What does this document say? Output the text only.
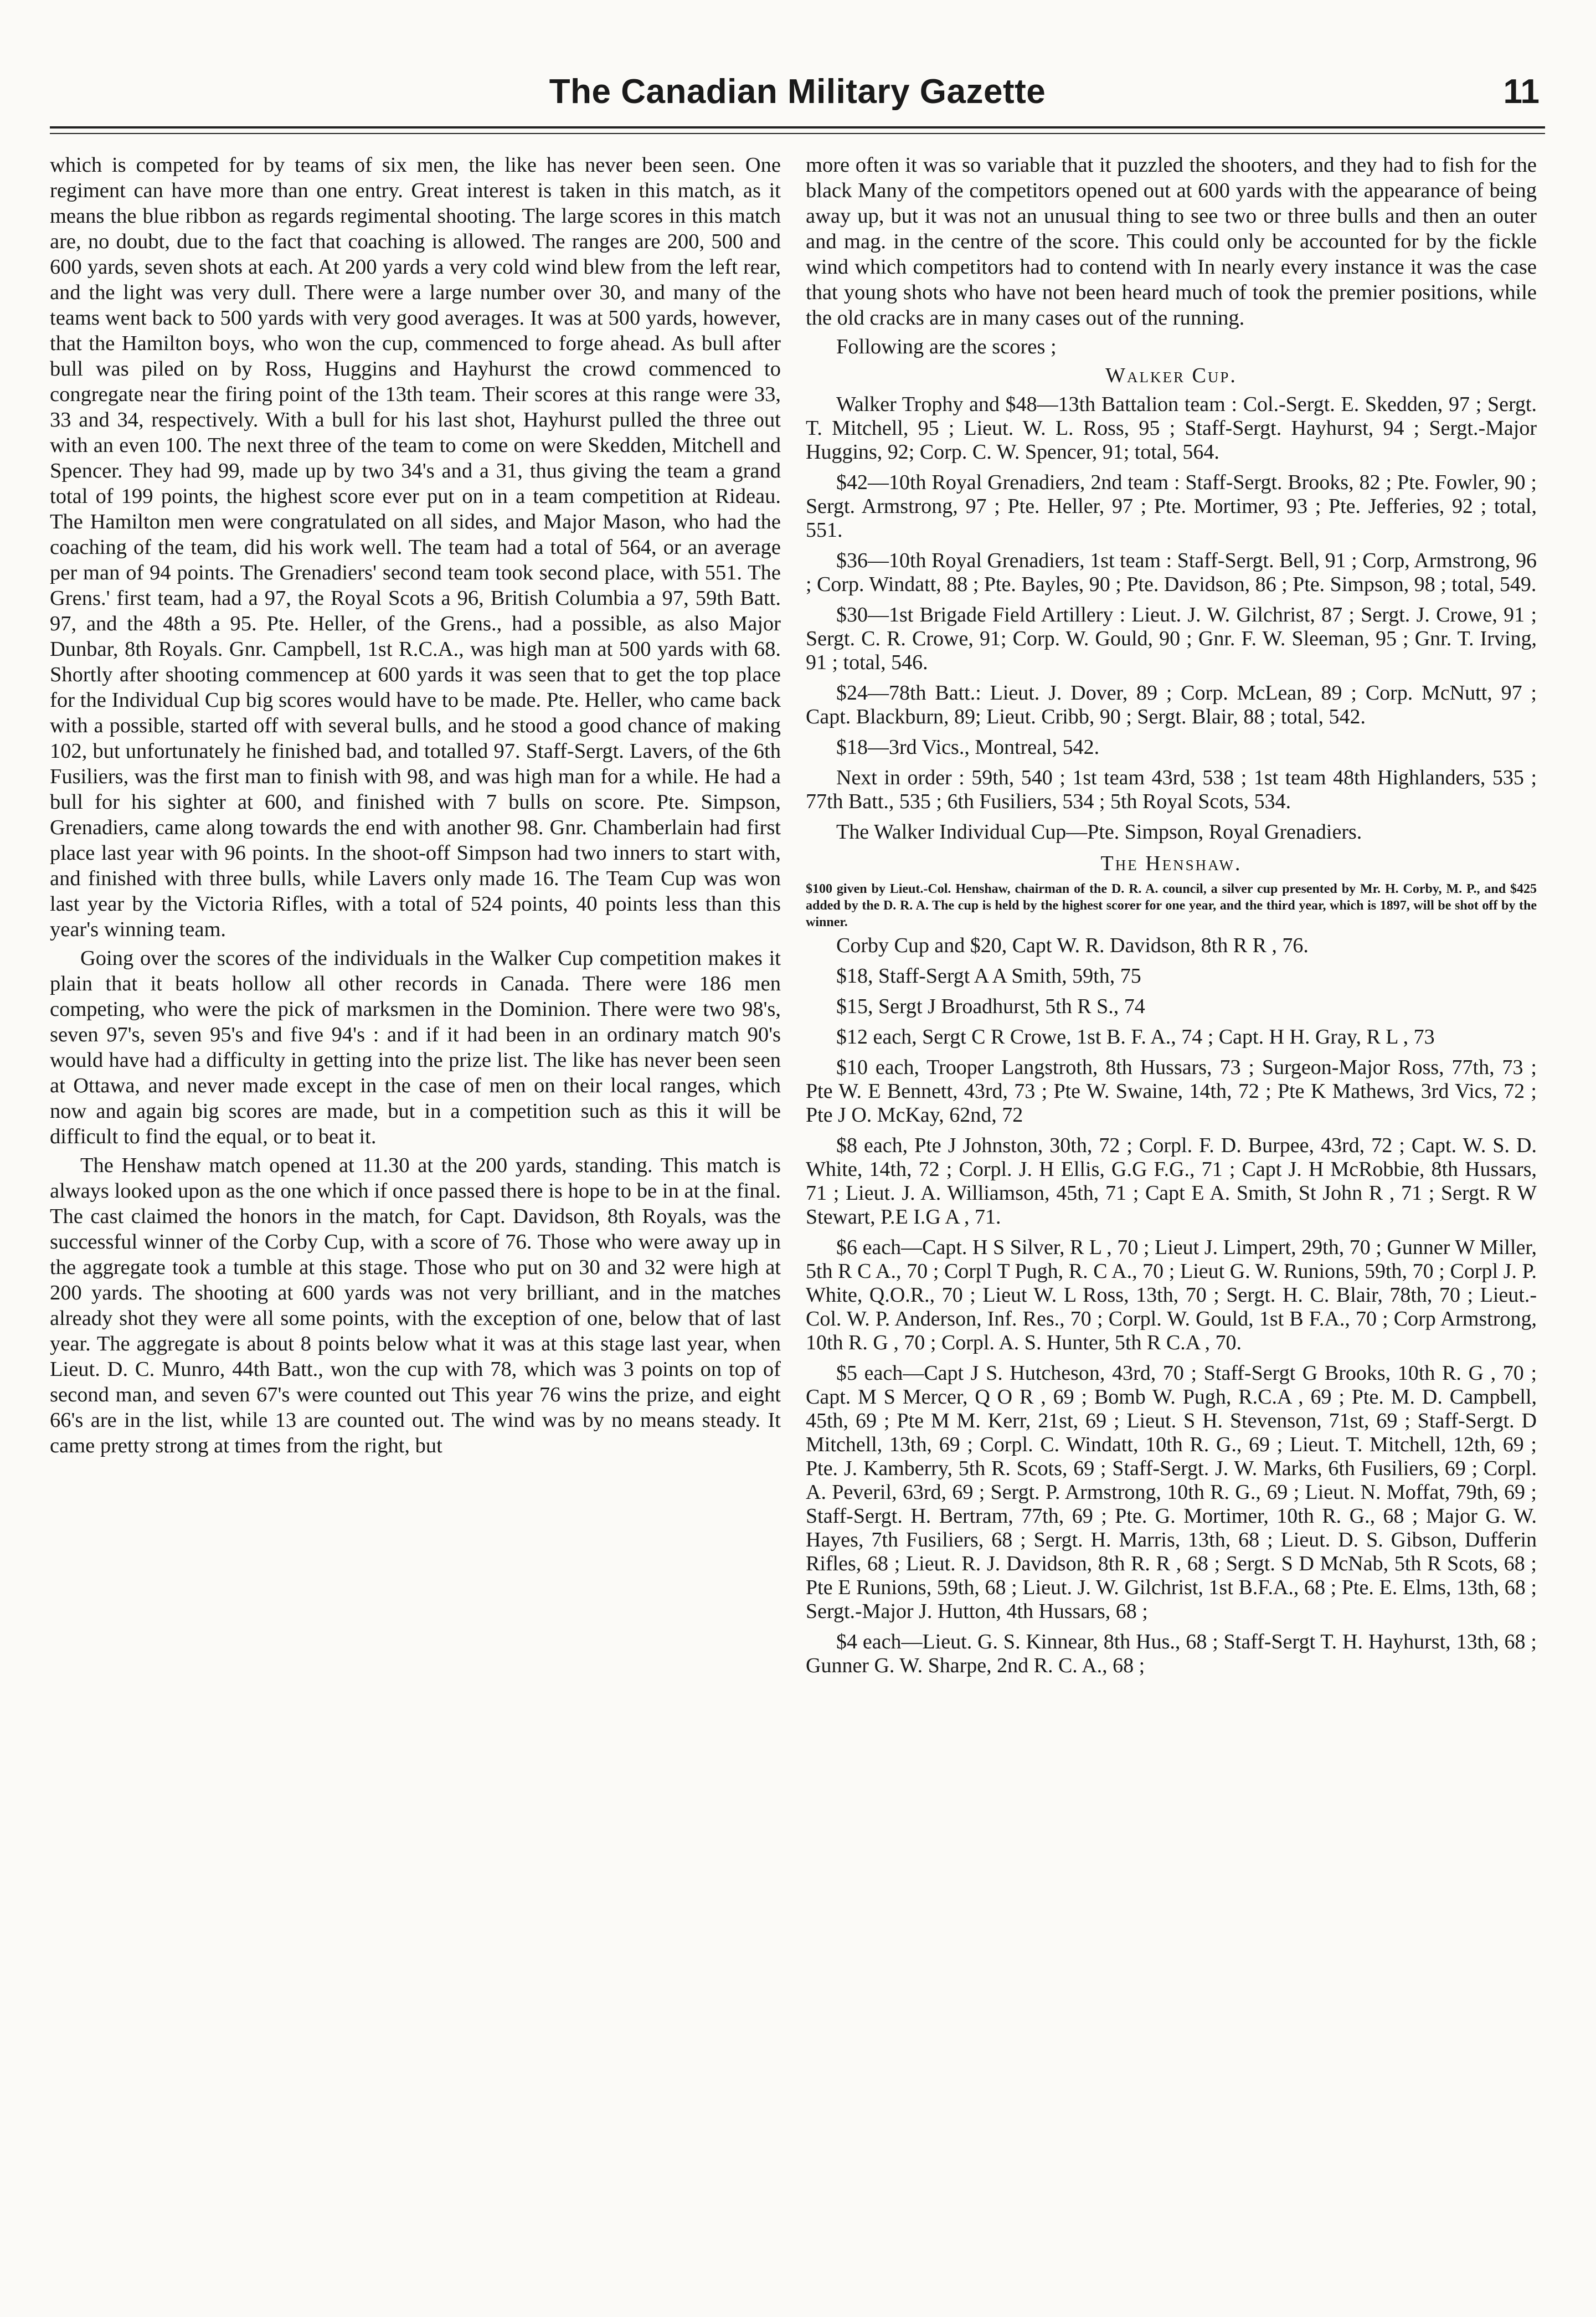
The Canadian Military Gazette	11

which is competed for by teams of six men, the like has never been seen. One regiment can have more than one entry. Great interest is taken in this match, as it means the blue ribbon as regards regimental shooting. The large scores in this match are, no doubt, due to the fact that coaching is allowed. The ranges are 200, 500 and 600 yards, seven shots at each. At 200 yards a very cold wind blew from the left rear, and the light was very dull. There were a large number over 30, and many of the teams went back to 500 yards with very good averages. It was at 500 yards, however, that the Hamilton boys, who won the cup, commenced to forge ahead. As bull after bull was piled on by Ross, Huggins and Hayhurst the crowd commenced to congregate near the firing point of the 13th team. Their scores at this range were 33, 33 and 34, respectively. With a bull for his last shot, Hayhurst pulled the three out with an even 100. The next three of the team to come on were Skedden, Mitchell and Spencer. They had 99, made up by two 34's and a 31, thus giving the team a grand total of 199 points, the highest score ever put on in a team competition at Rideau. The Hamilton men were congratulated on all sides, and Major Mason, who had the coaching of the team, did his work well. The team had a total of 564, or an average per man of 94 points. The Grenadiers' second team took second place, with 551. The Grens.' first team, had a 97, the Royal Scots a 96, British Columbia a 97, 59th Batt. 97, and the 48th a 95. Pte. Heller, of the Grens., had a possible, as also Major Dunbar, 8th Royals. Gnr. Campbell, 1st R.C.A., was high man at 500 yards with 68. Shortly after shooting commencep at 600 yards it was seen that to get the top place for the Individual Cup big scores would have to be made. Pte. Heller, who came back with a possible, started off with several bulls, and he stood a good chance of making 102, but unfortunately he finished bad, and totalled 97. Staff-Sergt. Lavers, of the 6th Fusiliers, was the first man to finish with 98, and was high man for a while. He had a bull for his sighter at 600, and finished with 7 bulls on score. Pte. Simpson, Grenadiers, came along towards the end with another 98. Gnr. Chamberlain had first place last year with 96 points. In the shoot-off Simpson had two inners to start with, and finished with three bulls, while Lavers only made 16. The Team Cup was won last year by the Victoria Rifles, with a total of 524 points, 40 points less than this year's winning team.

Going over the scores of the individuals in the Walker Cup competition makes it plain that it beats hollow all other records in Canada. There were 186 men competing, who were the pick of marksmen in the Dominion. There were two 98's, seven 97's, seven 95's and five 94's : and if it had been in an ordinary match 90's would have had a difficulty in getting into the prize list. The like has never been seen at Ottawa, and never made except in the case of men on their local ranges, which now and again big scores are made, but in a competition such as this it will be difficult to find the equal, or to beat it.

The Henshaw match opened at 11.30 at the 200 yards, standing. This match is always looked upon as the one which if once passed there is hope to be in at the final. The cast claimed the honors in the match, for Capt. Davidson, 8th Royals, was the successful winner of the Corby Cup, with a score of 76. Those who were away up in the aggregate took a tumble at this stage. Those who put on 30 and 32 were high at 200 yards. The shooting at 600 yards was not very brilliant, and in the matches already shot they were all some points, with the exception of one, below that of last year. The aggregate is about 8 points below what it was at this stage last year, when Lieut. D. C. Munro, 44th Batt., won the cup with 78, which was 3 points on top of second man, and seven 67's were counted out This year 76 wins the prize, and eight 66's are in the list, while 13 are counted out. The wind was by no means steady. It came pretty strong at times from the right, but

more often it was so variable that it puzzled the shooters, and they had to fish for the black Many of the competitors opened out at 600 yards with the appearance of being away up, but it was not an unusual thing to see two or three bulls and then an outer and mag. in the centre of the score. This could only be accounted for by the fickle wind which competitors had to contend with In nearly every instance it was the case that young shots who have not been heard much of took the premier positions, while the old cracks are in many cases out of the running.

Following are the scores ;

Walker Cup.

Walker Trophy and $48—13th Battalion team : Col.-Sergt. E. Skedden, 97 ; Sergt. T. Mitchell, 95 ; Lieut. W. L. Ross, 95 ; Staff-Sergt. Hayhurst, 94 ; Sergt.-Major Huggins, 92; Corp. C. W. Spencer, 91; total, 564.

$42—10th Royal Grenadiers, 2nd team : Staff-Sergt. Brooks, 82 ; Pte. Fowler, 90 ; Sergt. Armstrong, 97 ; Pte. Heller, 97 ; Pte. Mortimer, 93 ; Pte. Jefferies, 92 ; total, 551.

$36—10th Royal Grenadiers, 1st team : Staff-Sergt. Bell, 91 ; Corp, Armstrong, 96 ; Corp. Windatt, 88 ; Pte. Bayles, 90 ; Pte. Davidson, 86 ; Pte. Simpson, 98 ; total, 549.

$30—1st Brigade Field Artillery : Lieut. J. W. Gilchrist, 87 ; Sergt. J. Crowe, 91 ; Sergt. C. R. Crowe, 91; Corp. W. Gould, 90 ; Gnr. F. W. Sleeman, 95 ; Gnr. T. Irving, 91 ; total, 546.

$24—78th Batt.: Lieut. J. Dover, 89 ; Corp. McLean, 89 ; Corp. McNutt, 97 ; Capt. Blackburn, 89; Lieut. Cribb, 90 ; Sergt. Blair, 88 ; total, 542.

$18—3rd Vics., Montreal, 542.

Next in order : 59th, 540 ; 1st team 43rd, 538 ; 1st team 48th Highlanders, 535 ; 77th Batt., 535 ; 6th Fusiliers, 534 ; 5th Royal Scots, 534.

The Walker Individual Cup—Pte. Simpson, Royal Grenadiers.

The Henshaw.

$100 given by Lieut.-Col. Henshaw, chairman of the D. R. A. council, a silver cup presented by Mr. H. Corby, M. P., and $425 added by the D. R. A. The cup is held by the highest scorer for one year, and the third year, which is 1897, will be shot off by the winner.

Corby Cup and $20, Capt W. R. Davidson, 8th R R , 76.

$18, Staff-Sergt A A Smith, 59th, 75

$15, Sergt J Broadhurst, 5th R S., 74

$12 each, Sergt C R Crowe, 1st B. F. A., 74 ; Capt. H H. Gray, R L , 73

$10 each, Trooper Langstroth, 8th Hussars, 73 ; Surgeon-Major Ross, 77th, 73 ; Pte W. E Bennett, 43rd, 73 ; Pte W. Swaine, 14th, 72 ; Pte K Mathews, 3rd Vics, 72 ; Pte J O. McKay, 62nd, 72

$8 each, Pte J Johnston, 30th, 72 ; Corpl. F. D. Burpee, 43rd, 72 ; Capt. W. S. D. White, 14th, 72 ; Corpl. J. H Ellis, G.G F.G., 71 ; Capt J. H McRobbie, 8th Hussars, 71 ; Lieut. J. A. Williamson, 45th, 71 ; Capt E A. Smith, St John R , 71 ; Sergt. R W Stewart, P.E I.G A , 71.

$6 each—Capt. H S Silver, R L , 70 ; Lieut J. Limpert, 29th, 70 ; Gunner W Miller, 5th R C A., 70 ; Corpl T Pugh, R. C A., 70 ; Lieut G. W. Runions, 59th, 70 ; Corpl J. P. White, Q.O.R., 70 ; Lieut W. L Ross, 13th, 70 ; Sergt. H. C. Blair, 78th, 70 ; Lieut.-Col. W. P. Anderson, Inf. Res., 70 ; Corpl. W. Gould, 1st B F.A., 70 ; Corp Armstrong, 10th R. G , 70 ; Corpl. A. S. Hunter, 5th R C.A , 70.

$5 each—Capt J S. Hutcheson, 43rd, 70 ; Staff-Sergt G Brooks, 10th R. G , 70 ; Capt. M S Mercer, Q O R , 69 ; Bomb W. Pugh, R.C.A , 69 ; Pte. M. D. Campbell, 45th, 69 ; Pte M M. Kerr, 21st, 69 ; Lieut. S H. Stevenson, 71st, 69 ; Staff-Sergt. D Mitchell, 13th, 69 ; Corpl. C. Windatt, 10th R. G., 69 ; Lieut. T. Mitchell, 12th, 69 ; Pte. J. Kamberry, 5th R. Scots, 69 ; Staff-Sergt. J. W. Marks, 6th Fusiliers, 69 ; Corpl. A. Peveril, 63rd, 69 ; Sergt. P. Armstrong, 10th R. G., 69 ; Lieut. N. Moffat, 79th, 69 ; Staff-Sergt. H. Bertram, 77th, 69 ; Pte. G. Mortimer, 10th R. G., 68 ; Major G. W. Hayes, 7th Fusiliers, 68 ; Sergt. H. Marris, 13th, 68 ; Lieut. D. S. Gibson, Dufferin Rifles, 68 ; Lieut. R. J. Davidson, 8th R. R , 68 ; Sergt. S D McNab, 5th R Scots, 68 ; Pte E Runions, 59th, 68 ; Lieut. J. W. Gilchrist, 1st B.F.A., 68 ; Pte. E. Elms, 13th, 68 ; Sergt.-Major J. Hutton, 4th Hussars, 68 ;

$4 each—Lieut. G. S. Kinnear, 8th Hus., 68 ; Staff-Sergt T. H. Hayhurst, 13th, 68 ; Gunner G. W. Sharpe, 2nd R. C. A., 68 ;
